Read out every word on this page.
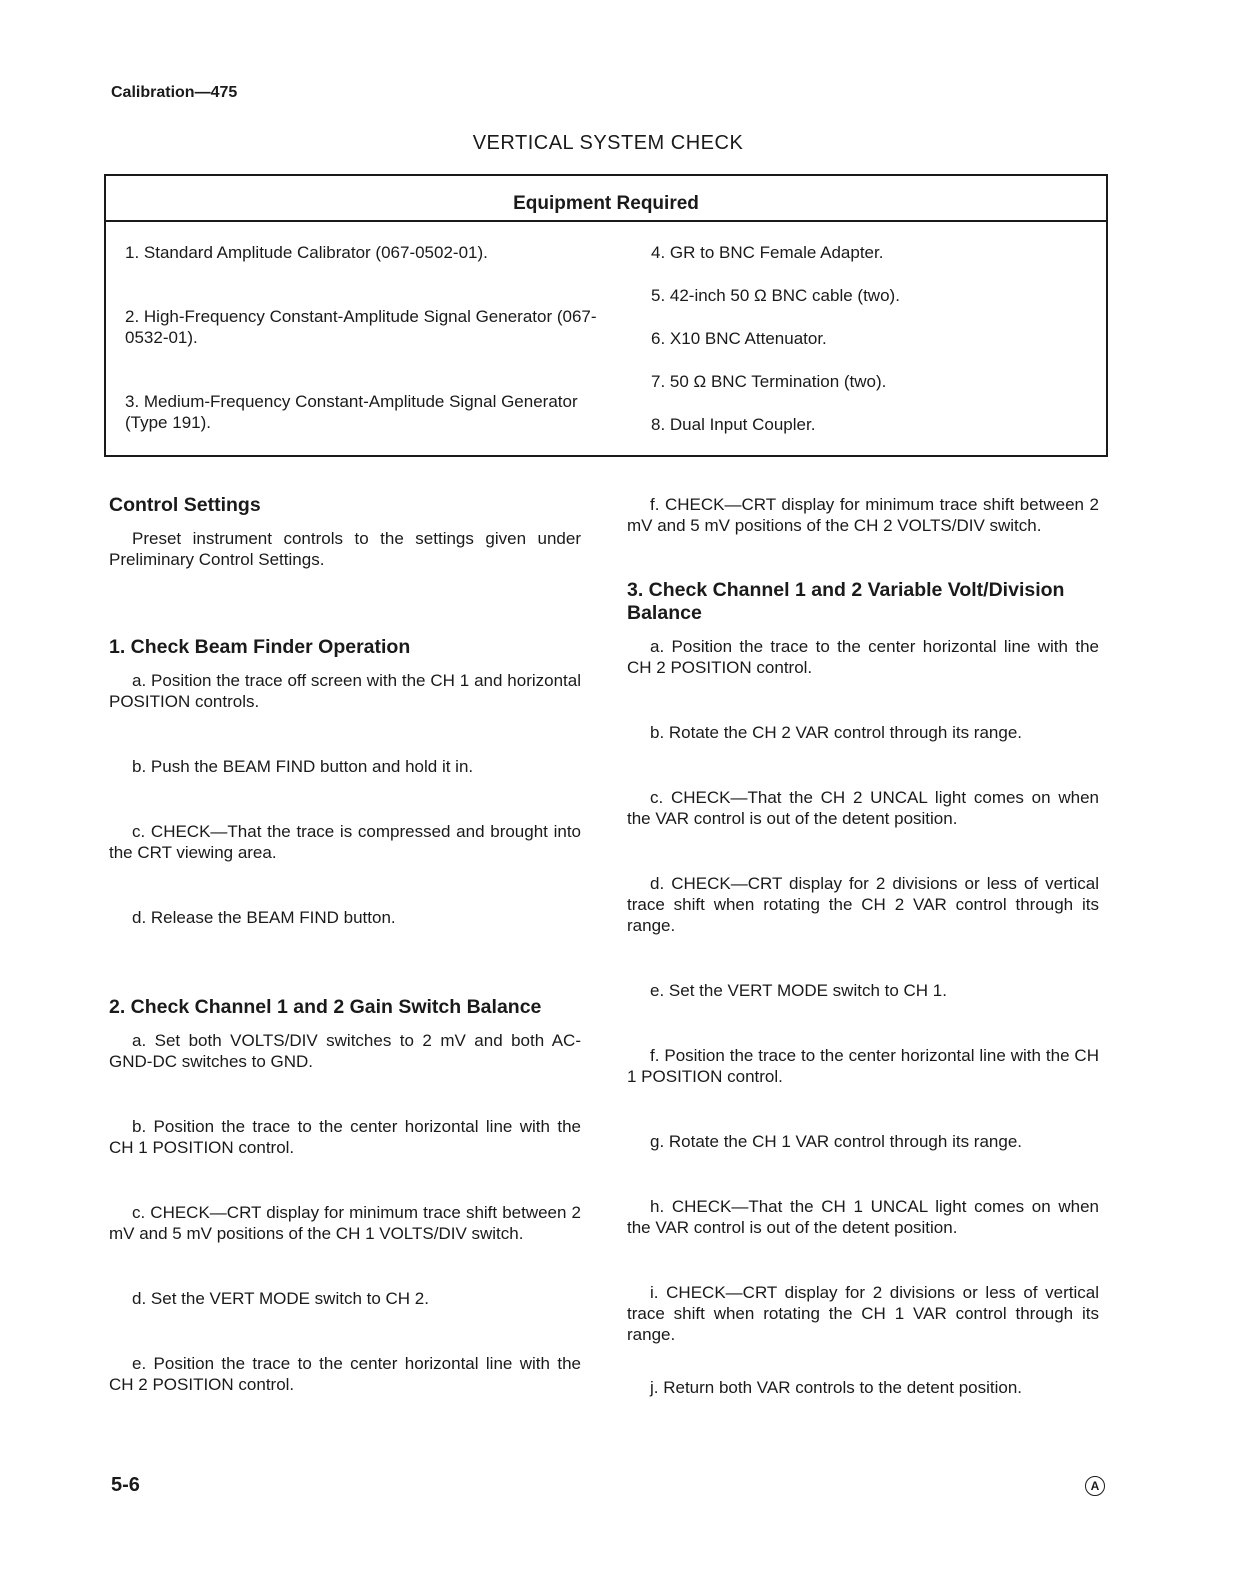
Calibration—475
VERTICAL SYSTEM CHECK
Equipment Required
1. Standard Amplitude Calibrator (067-0502-01).
2. High-Frequency Constant-Amplitude Signal Generator (067-0532-01).
3. Medium-Frequency Constant-Amplitude Signal Generator (Type 191).
4. GR to BNC Female Adapter.
5. 42-inch 50 Ω BNC cable (two).
6. X10 BNC Attenuator.
7. 50 Ω BNC Termination (two).
8. Dual Input Coupler.
Control Settings

Preset instrument controls to the settings given under Preliminary Control Settings.

1. Check Beam Finder Operation

a. Position the trace off screen with the CH 1 and horizontal POSITION controls.

b. Push the BEAM FIND button and hold it in.

c. CHECK—That the trace is compressed and brought into the CRT viewing area.

d. Release the BEAM FIND button.

2. Check Channel 1 and 2 Gain Switch Balance

a. Set both VOLTS/DIV switches to 2 mV and both AC-GND-DC switches to GND.

b. Position the trace to the center horizontal line with the CH 1 POSITION control.

c. CHECK—CRT display for minimum trace shift between 2 mV and 5 mV positions of the CH 1 VOLTS/DIV switch.

d. Set the VERT MODE switch to CH 2.

e. Position the trace to the center horizontal line with the CH 2 POSITION control.

f. CHECK—CRT display for minimum trace shift between 2 mV and 5 mV positions of the CH 2 VOLTS/DIV switch.

3. Check Channel 1 and 2 Variable Volt/Division Balance

a. Position the trace to the center horizontal line with the CH 2 POSITION control.

b. Rotate the CH 2 VAR control through its range.

c. CHECK—That the CH 2 UNCAL light comes on when the VAR control is out of the detent position.

d. CHECK—CRT display for 2 divisions or less of vertical trace shift when rotating the CH 2 VAR control through its range.

e. Set the VERT MODE switch to CH 1.

f. Position the trace to the center horizontal line with the CH 1 POSITION control.

g. Rotate the CH 1 VAR control through its range.

h. CHECK—That the CH 1 UNCAL light comes on when the VAR control is out of the detent position.

i. CHECK—CRT display for 2 divisions or less of vertical trace shift when rotating the CH 1 VAR control through its range.

j. Return both VAR controls to the detent position.

5-6	A
